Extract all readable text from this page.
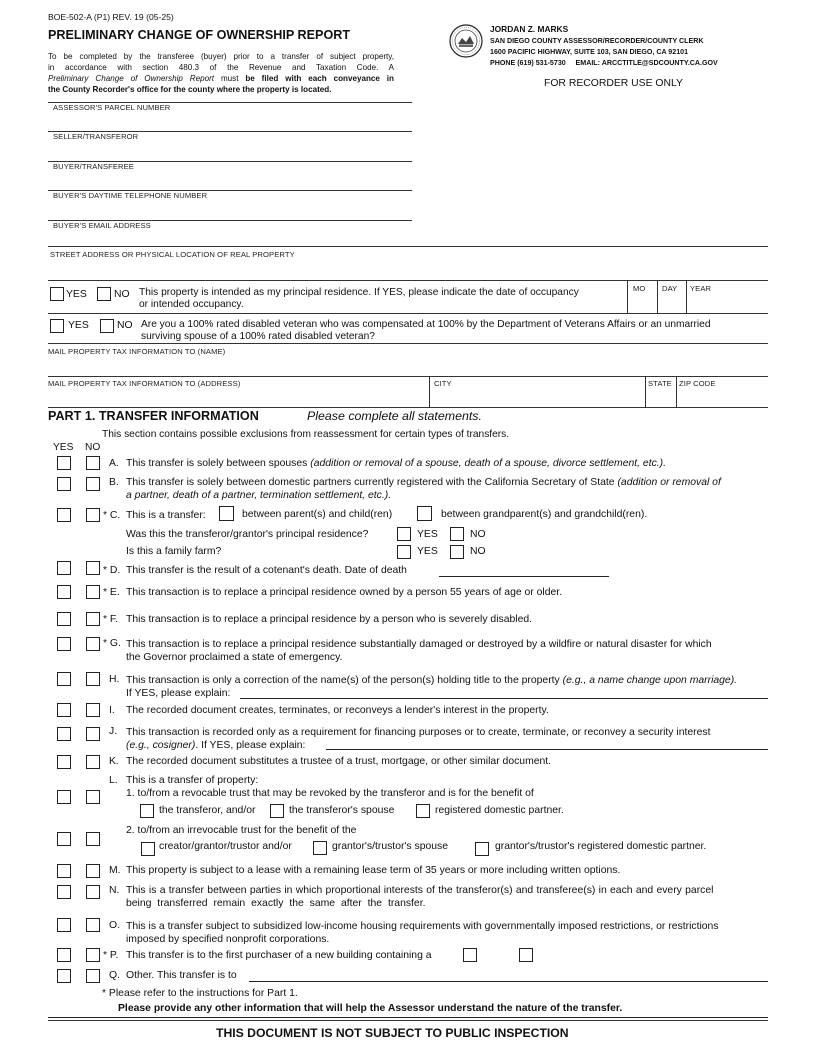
BOE-502-A (P1) REV. 19 (05-25)
PRELIMINARY CHANGE OF OWNERSHIP REPORT
To be completed by the transferee (buyer) prior to a transfer of subject property,
in accordance with section 480.3 of the Revenue and Taxation Code. A
Preliminary Change of Ownership Report must be filed with each conveyance in
the County Recorder's office for the county where the property is located.
JORDAN Z. MARKS
SAN DIEGO COUNTY ASSESSOR/RECORDER/COUNTY CLERK
1600 PACIFIC HIGHWAY, SUITE 103, SAN DIEGO, CA 92101
PHONE (619) 531-5730     EMAIL: ARCCTITLE@SDCOUNTY.CA.GOV
FOR RECORDER USE ONLY
ASSESSOR'S PARCEL NUMBER
SELLER/TRANSFEROR
BUYER/TRANSFEREE
BUYER'S DAYTIME TELEPHONE NUMBER
BUYER'S EMAIL ADDRESS
STREET ADDRESS OR PHYSICAL LOCATION OF REAL PROPERTY
MO DAY YEAR
YES	NO This property is intended as my principal residence. If YES, please indicate the date of occupancy
or intended occupancy.
YES	NO Are you a 100% rated disabled veteran who was compensated at 100% by the Department of Veterans Affairs or an unmarried
surviving spouse of a 100% rated disabled veteran?
MAIL PROPERTY TAX INFORMATION TO (NAME)
MAIL PROPERTY TAX INFORMATION TO (ADDRESS)	CITY	STATE ZIP CODE
PART 1. TRANSFER INFORMATION	Please complete all statements.
This section contains possible exclusions from reassessment for certain types of transfers.
YES NO
A. This transfer is solely between spouses (addition or removal of a spouse, death of a spouse, divorce settlement, etc.).
B. This transfer is solely between domestic partners currently registered with the California Secretary of State (addition or removal of
a partner, death of a partner, termination settlement, etc.).
* C. This is a transfer:	between parent(s) and child(ren)	between grandparent(s) and grandchild(ren).
Was this the transferor/grantor's principal residence?	YES	NO
Is this a family farm?	YES	NO
* D. This transfer is the result of a cotenant's death. Date of death
* E. This transaction is to replace a principal residence owned by a person 55 years of age or older.
* F. This transaction is to replace a principal residence by a person who is severely disabled.
* G. This transaction is to replace a principal residence substantially damaged or destroyed by a wildfire or natural disaster for which
the Governor proclaimed a state of emergency.
H. This transaction is only a correction of the name(s) of the person(s) holding title to the property (e.g., a name change upon marriage).
If YES, please explain:
I. The recorded document creates, terminates, or reconveys a lender's interest in the property.
J. This transaction is recorded only as a requirement for financing purposes or to create, terminate, or reconvey a security interest
(e.g., cosigner). If YES, please explain:
K. The recorded document substitutes a trustee of a trust, mortgage, or other similar document.
L. This is a transfer of property:
1. to/from a revocable trust that may be revoked by the transferor and is for the benefit of
the transferor, and/or	the transferor's spouse	registered domestic partner.
2. to/from an irrevocable trust for the benefit of the
creator/grantor/trustor and/or	grantor's/trustor's spouse	grantor's/trustor's registered domestic partner.
M. This property is subject to a lease with a remaining lease term of 35 years or more including written options.
N. This is a transfer between parties in which proportional interests of the transferor(s) and transferee(s) in each and every parcel
being transferred remain exactly the same after the transfer.
O. This is a transfer subject to subsidized low-income housing requirements with governmentally imposed restrictions, or restrictions
imposed by specified nonprofit corporations.
* P. This transfer is to the first purchaser of a new building containing a
Q. Other. This transfer is to
* Please refer to the instructions for Part 1.
Please provide any other information that will help the Assessor understand the nature of the transfer.
THIS DOCUMENT IS NOT SUBJECT TO PUBLIC INSPECTION
